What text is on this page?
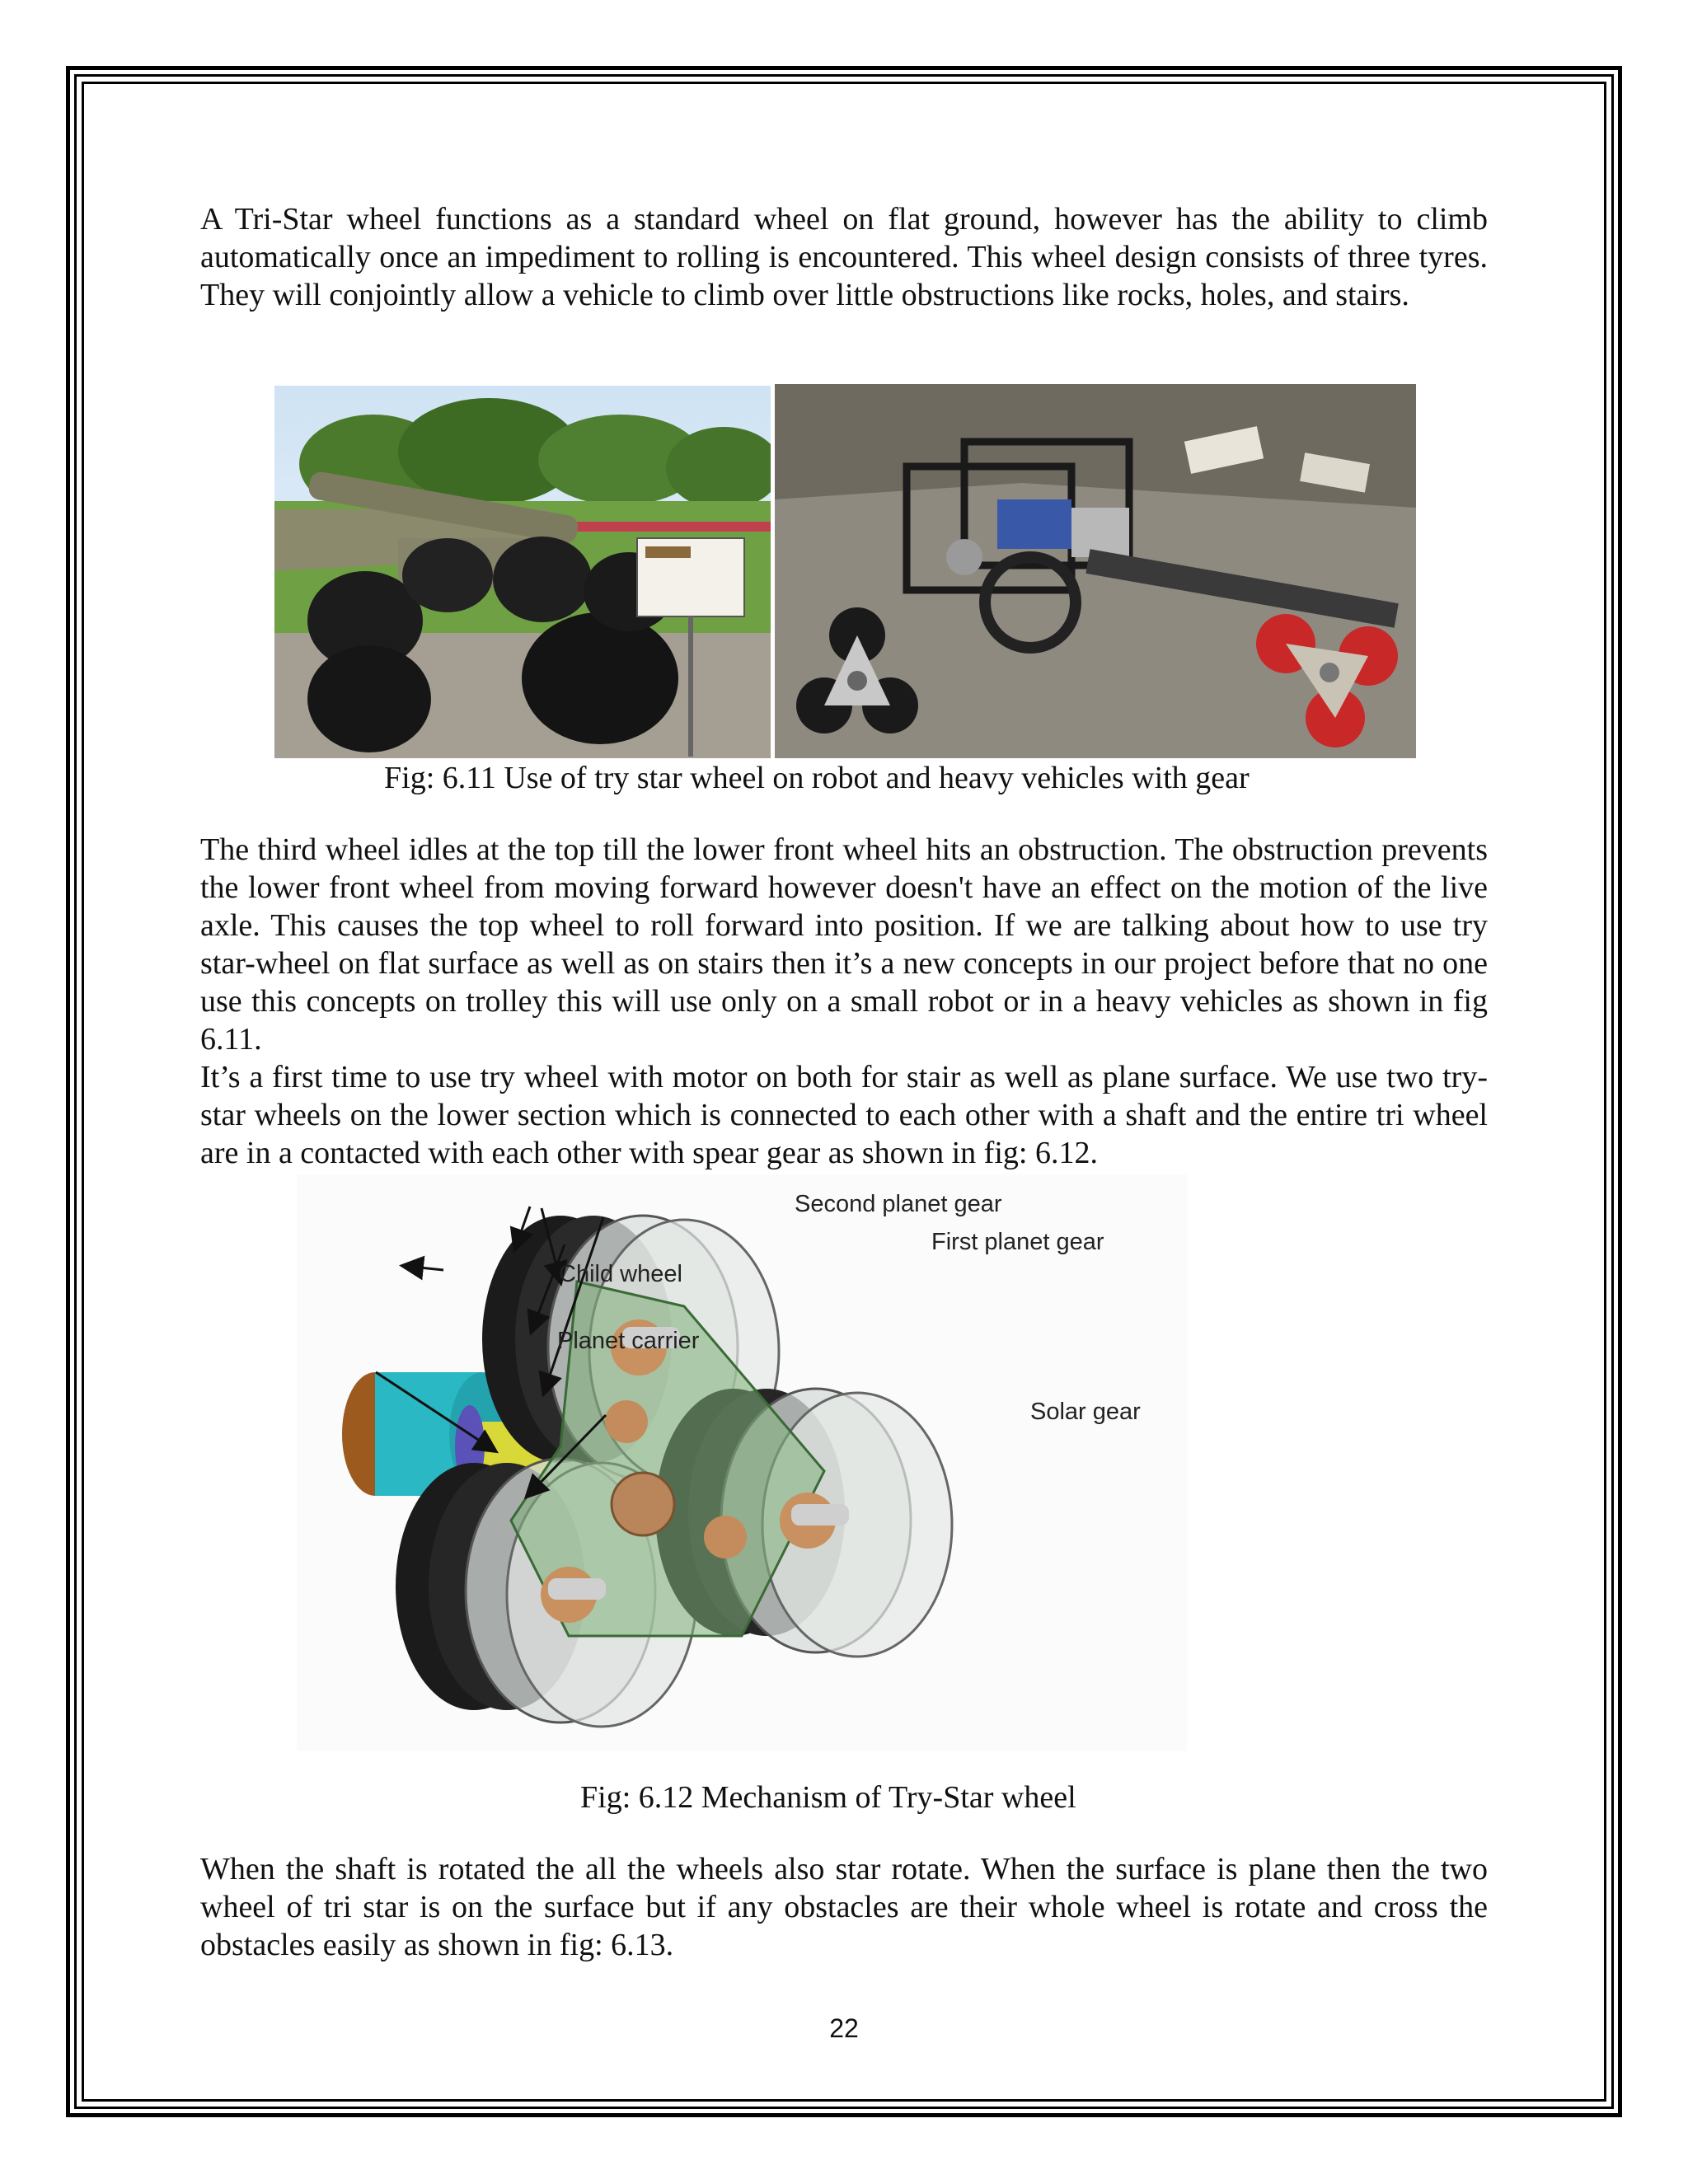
A Tri-Star wheel functions as a standard wheel on flat ground, however has the ability to climb automatically once an impediment to rolling is encountered. This wheel design consists of three tyres. They will conjointly allow a vehicle to climb over little obstructions like rocks, holes, and stairs.

Fig: 6.11 Use of try star wheel on robot and heavy vehicles with gear

The third wheel idles at the top till the lower front wheel hits an obstruction. The obstruction prevents the lower front wheel from moving forward however doesn't have an effect on the motion of the live axle. This causes the top wheel to roll forward into position. If we are talking about how to use try star-wheel on flat surface as well as on stairs then it’s a new concepts in our project before that no one use this concepts on trolley this will use only on a small robot or in a heavy vehicles as shown in fig 6.11.

It’s a first time to use try wheel with motor on both for stair as well as plane surface. We use two try-star wheels on the lower section which is connected to each other with a shaft and the entire tri wheel are in a contacted with each other with spear gear as shown in fig: 6.12.

Second planet gear
First planet gear
Child wheel
Planet carrier
Solar gear

Fig: 6.12 Mechanism of Try-Star wheel

When the shaft is rotated the all the wheels also star rotate. When the surface is plane then the two wheel of tri star is on the surface but if any obstacles are their whole wheel is rotate and cross the obstacles easily as shown in fig: 6.13.

22
